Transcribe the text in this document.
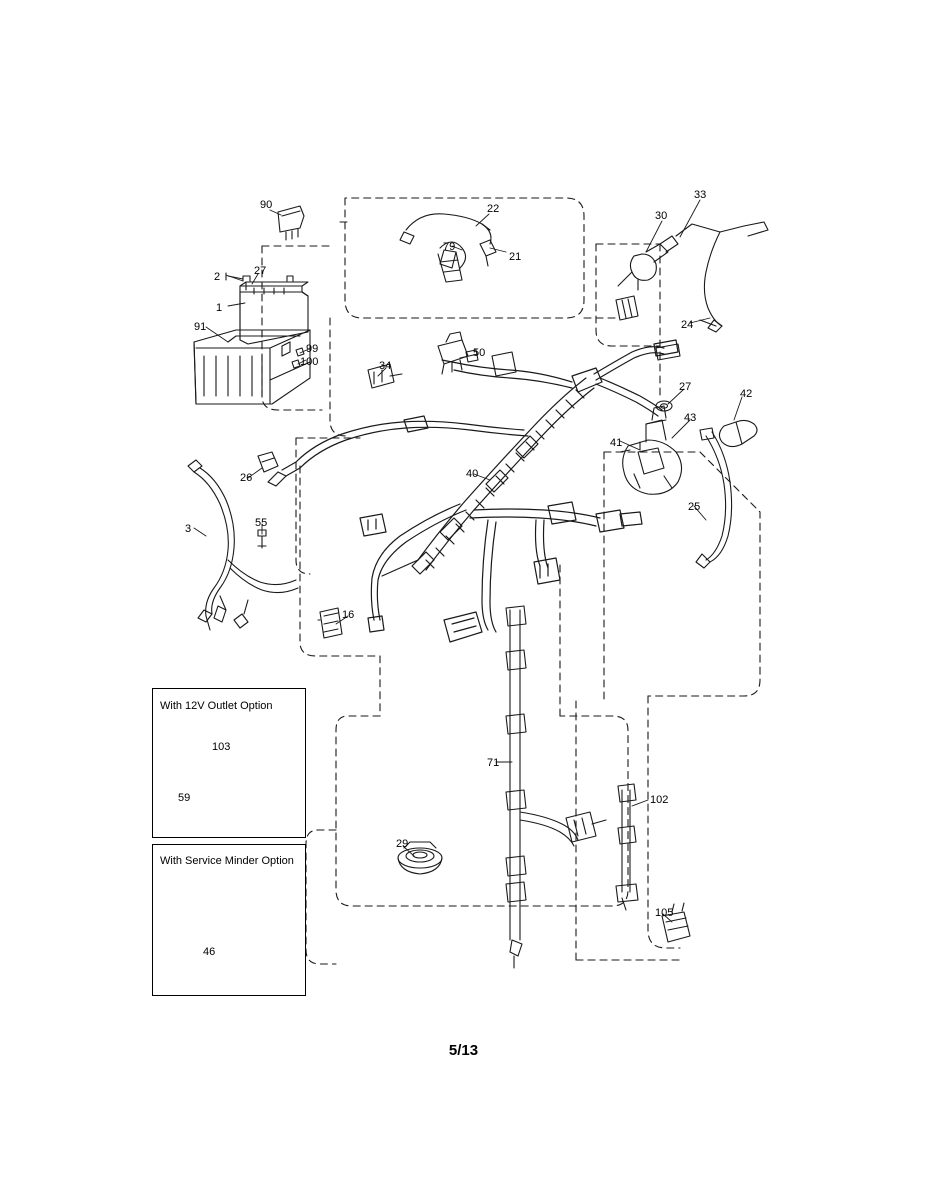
With 12V Outlet Option
With Service Minder Option
90	22
30
33
79
21
2	27
1
24
91
99
100	34
50
27
42
43
41
26	40
25
3	55
16
71
102
29
105
103
59
46
5/13
